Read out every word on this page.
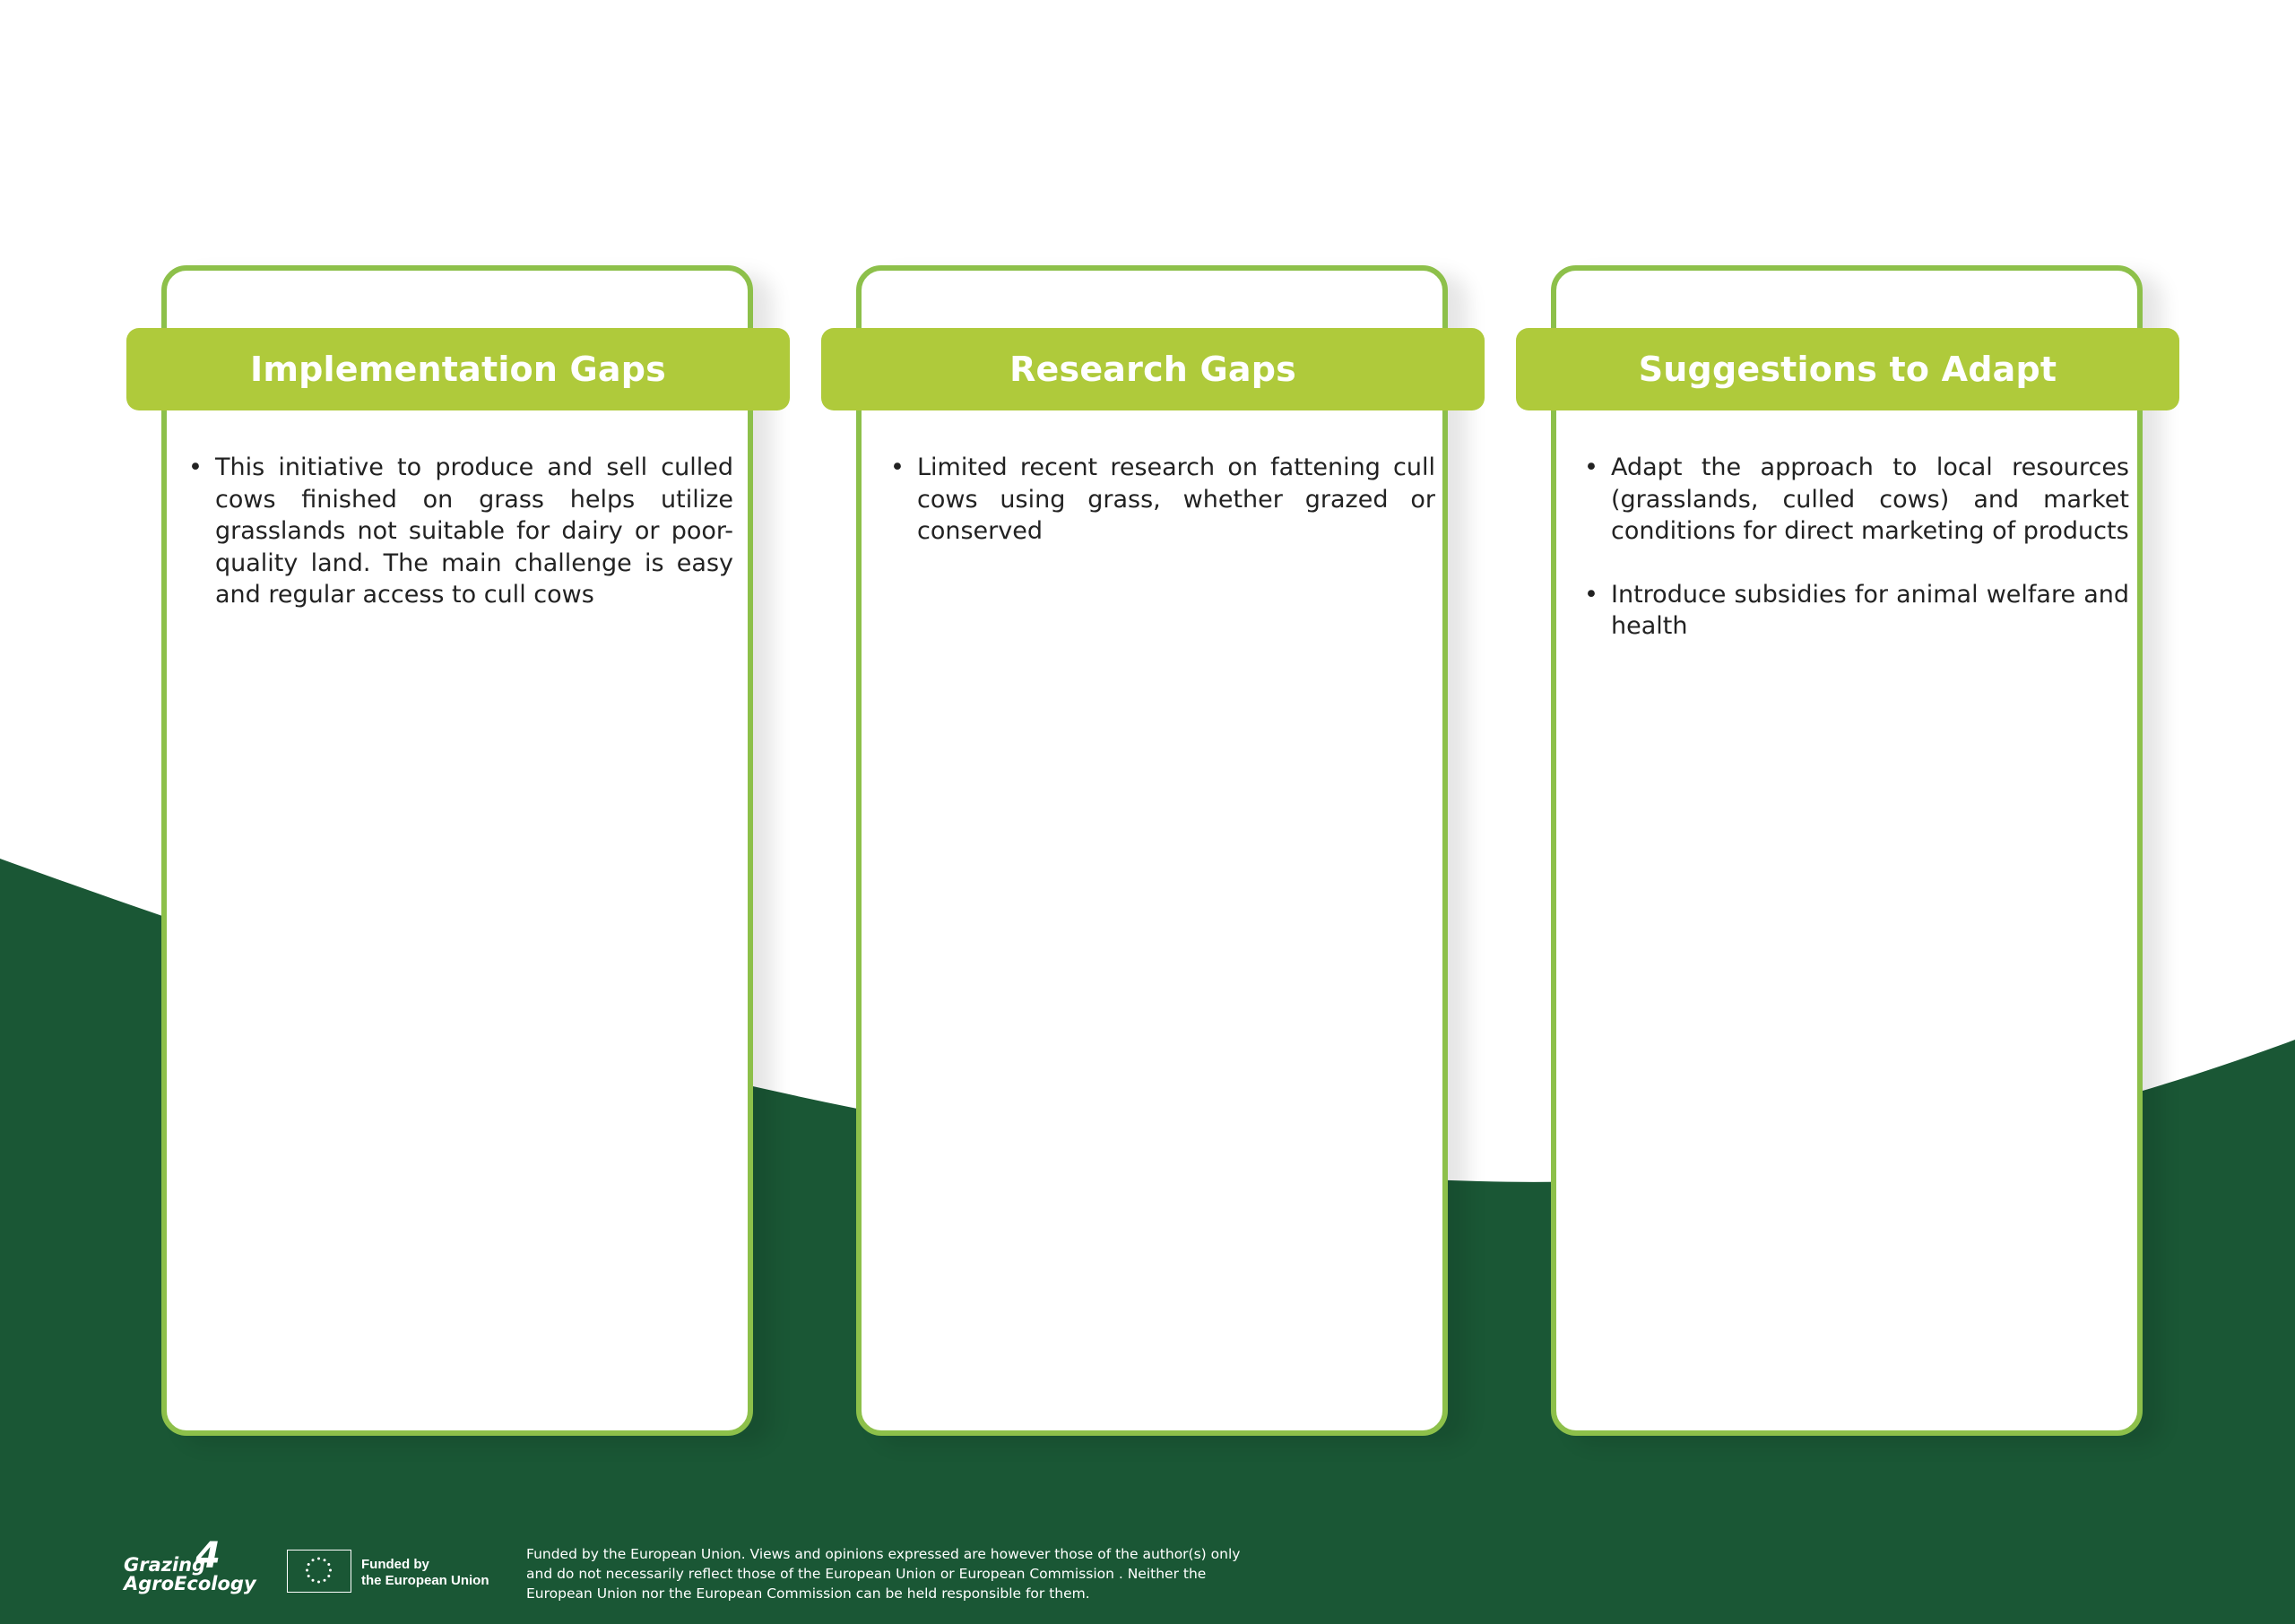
Implementation Gaps	Research Gaps	Suggestions to Adapt
• This initiative to produce and sell culled cows finished on grass helps utilize grasslands not suitable for dairy or poor-quality land. The main challenge is easy and regular access to cull cows
• Limited recent research on fattening cull cows using grass, whether grazed or conserved
• Adapt the approach to local resources (grasslands, culled cows) and market conditions for direct marketing of products
• Introduce subsidies for animal welfare and health
Grazing
AgroEcology
4	Funded by
the European Union
Funded by the European Union. Views and opinions expressed are however those of the author(s) only and do not necessarily reflect those of the European Union or European Commission . Neither the European Union nor the European Commission can be held responsible for them.
